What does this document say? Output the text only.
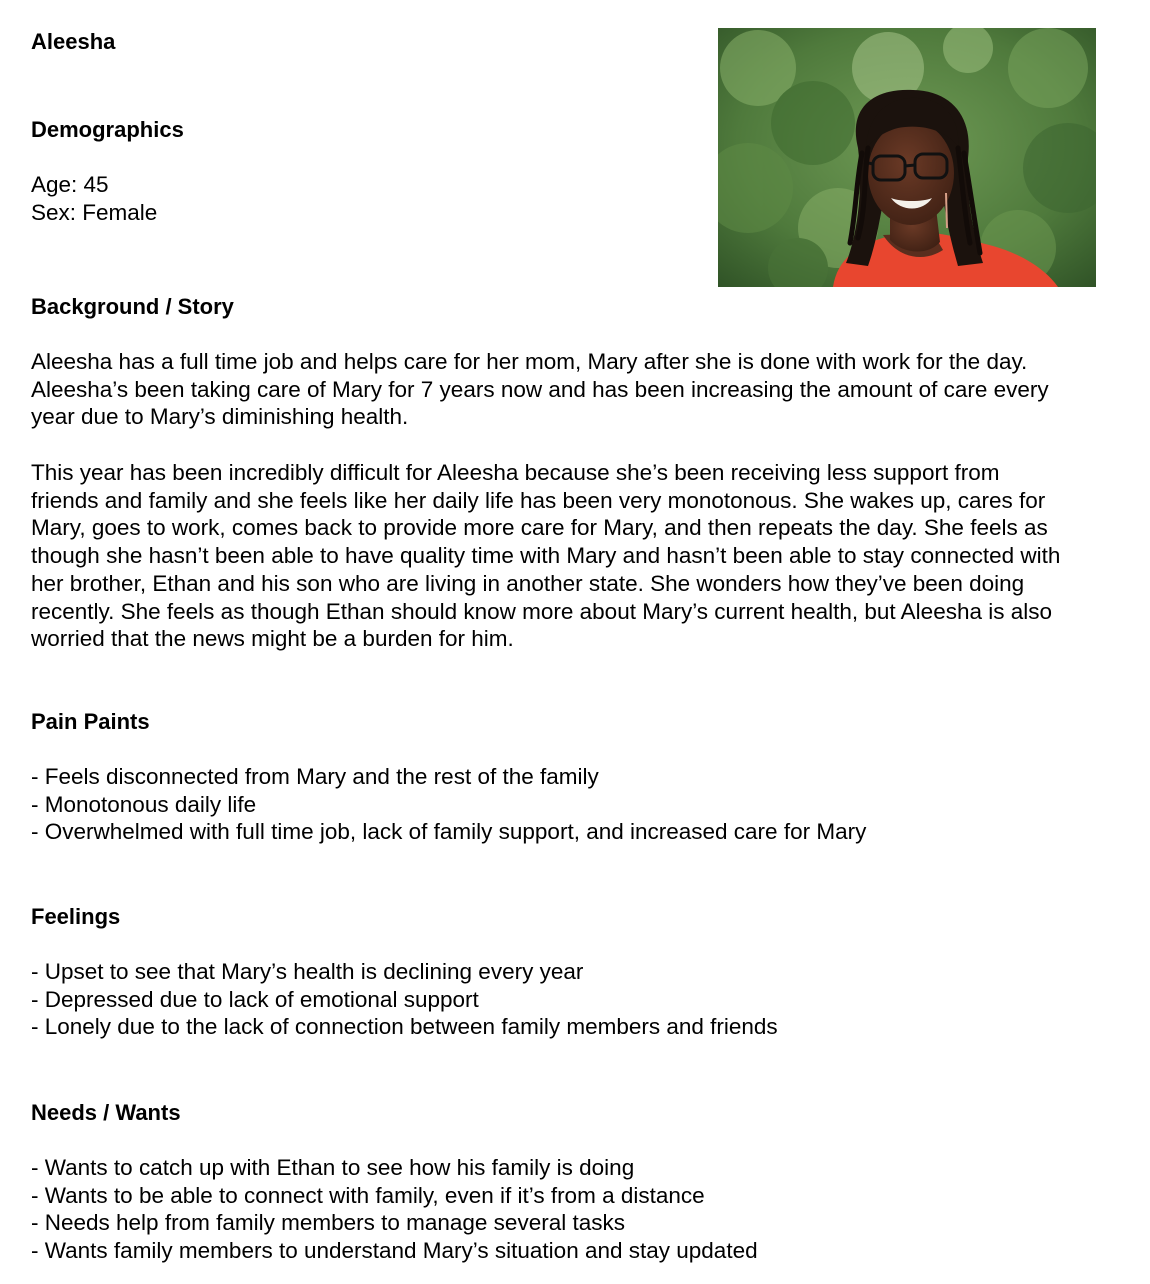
Aleesha

Demographics

Age: 45

Sex: Female

Background / Story

Aleesha has a full time job and helps care for her mom, Mary after she is done with work for the day.

Aleesha’s been taking care of Mary for 7 years now and has been increasing the amount of care every

year due to Mary’s diminishing health.

This year has been incredibly difficult for Aleesha because she’s been receiving less support from

friends and family and she feels like her daily life has been very monotonous. She wakes up, cares for

Mary, goes to work, comes back to provide more care for Mary, and then repeats the day. She feels as

though she hasn’t been able to have quality time with Mary and hasn’t been able to stay connected with

her brother, Ethan and his son who are living in another state. She wonders how they’ve been doing

recently. She feels as though Ethan should know more about Mary’s current health, but Aleesha is also

worried that the news might be a burden for him.

Pain Paints

- Feels disconnected from Mary and the rest of the family

- Monotonous daily life

- Overwhelmed with full time job, lack of family support, and increased care for Mary

Feelings

- Upset to see that Mary’s health is declining every year

- Depressed due to lack of emotional support

- Lonely due to the lack of connection between family members and friends

Needs / Wants

- Wants to catch up with Ethan to see how his family is doing

- Wants to be able to connect with family, even if it’s from a distance

- Needs help from family members to manage several tasks

- Wants family members to understand Mary’s situation and stay updated
